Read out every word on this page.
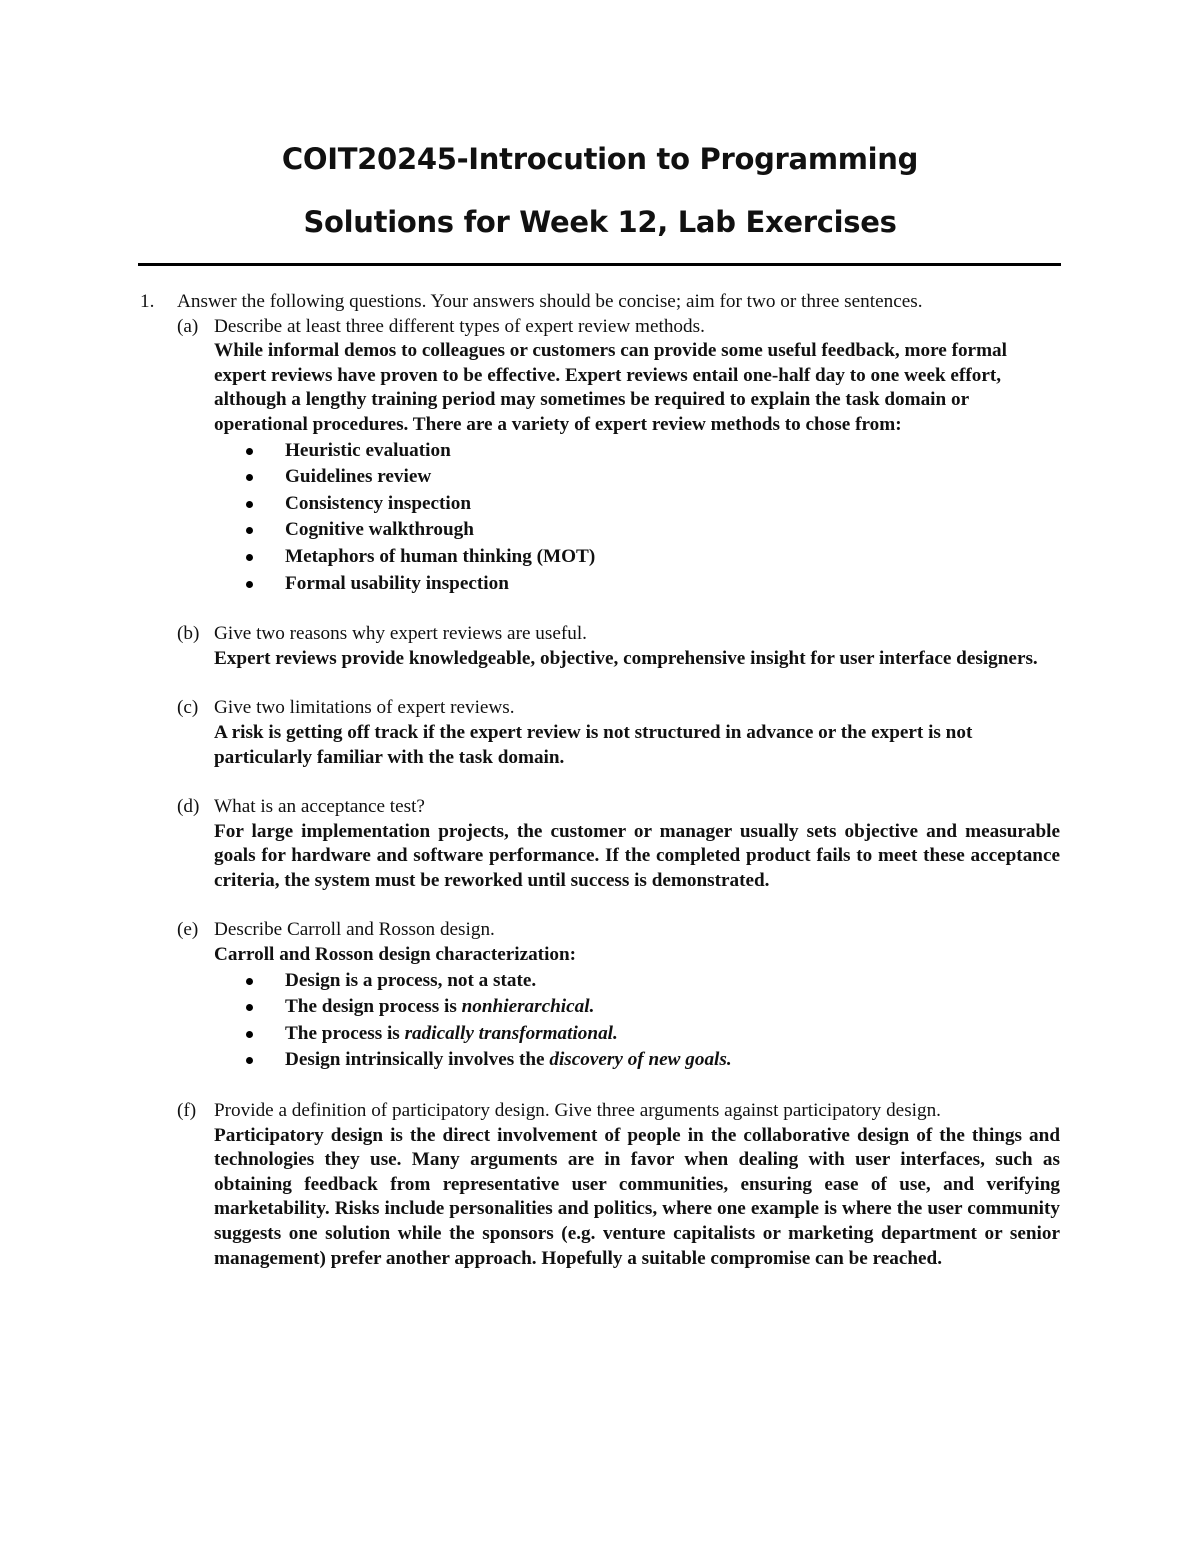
COIT20245-Introcution to Programming
Solutions for Week 12, Lab Exercises
1. Answer the following questions. Your answers should be concise; aim for two or three sentences.

(a) Describe at least three different types of expert review methods.

While informal demos to colleagues or customers can provide some useful feedback, more formal expert reviews have proven to be effective. Expert reviews entail one-half day to one week effort, although a lengthy training period may sometimes be required to explain the task domain or operational procedures. There are a variety of expert review methods to chose from:

Heuristic evaluation
Guidelines review
Consistency inspection
Cognitive walkthrough
Metaphors of human thinking (MOT)
Formal usability inspection
(b) Give two reasons why expert reviews are useful.

Expert reviews provide knowledgeable, objective, comprehensive insight for user interface designers.

(c) Give two limitations of expert reviews.

A risk is getting off track if the expert review is not structured in advance or the expert is not particularly familiar with the task domain.

(d) What is an acceptance test?

For large implementation projects, the customer or manager usually sets objective and measurable goals for hardware and software performance. If the completed product fails to meet these acceptance criteria, the system must be reworked until success is demonstrated.

(e) Describe Carroll and Rosson design.

Carroll and Rosson design characterization:

Design is a process, not a state.
The design process is nonhierarchical.
The process is radically transformational.
Design intrinsically involves the discovery of new goals.
(f) Provide a definition of participatory design. Give three arguments against participatory design.

Participatory design is the direct involvement of people in the collaborative design of the things and technologies they use. Many arguments are in favor when dealing with user interfaces, such as obtaining feedback from representative user communities, ensuring ease of use, and verifying marketability. Risks include personalities and politics, where one example is where the user community suggests one solution while the sponsors (e.g. venture capitalists or marketing department or senior management) prefer another approach. Hopefully a suitable compromise can be reached.
